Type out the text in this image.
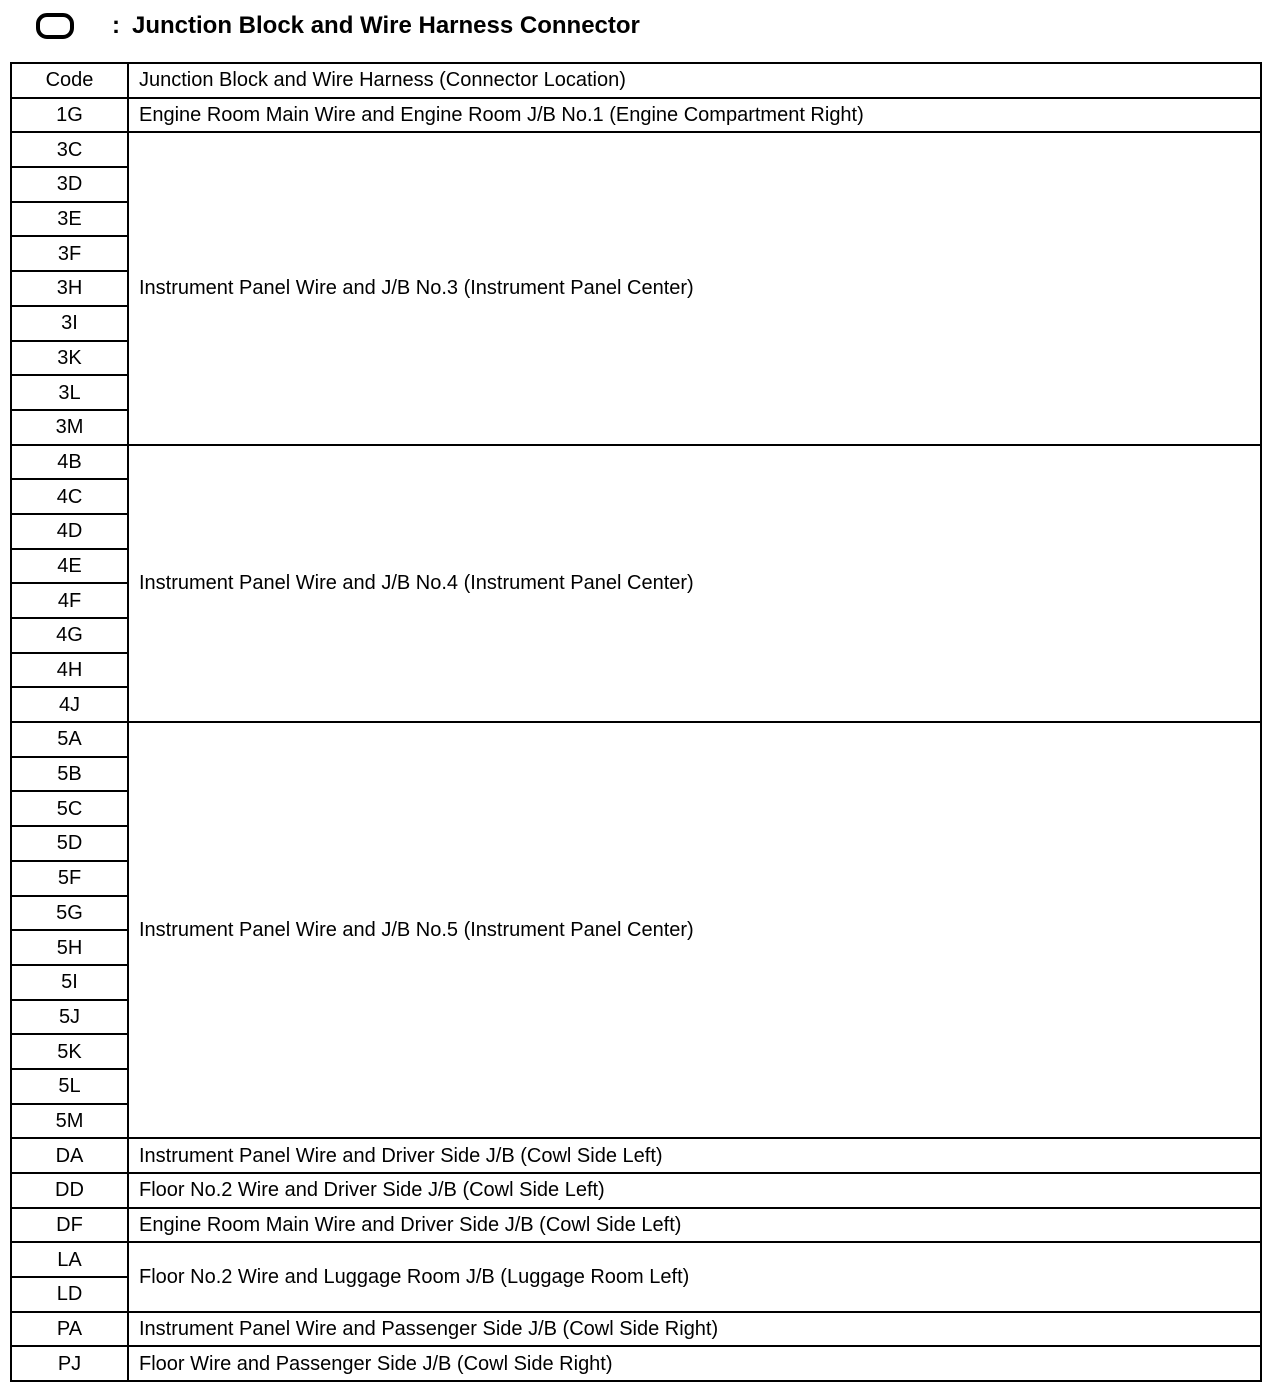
: Junction Block and Wire Harness Connector
Code	Junction Block and Wire Harness (Connector Location)
1G	Engine Room Main Wire and Engine Room J/B No.1 (Engine Compartment Right)
3C	Instrument Panel Wire and J/B No.3 (Instrument Panel Center)
3D	
3E	
3F	
3H	
3I	
3K	
3L	
3M	
4B	Instrument Panel Wire and J/B No.4 (Instrument Panel Center)
4C	
4D	
4E	
4F	
4G	
4H	
4J	
5A	Instrument Panel Wire and J/B No.5 (Instrument Panel Center)
5B	
5C	
5D	
5F	
5G	
5H	
5I	
5J	
5K	
5L	
5M	
DA	Instrument Panel Wire and Driver Side J/B (Cowl Side Left)
DD	Floor No.2 Wire and Driver Side J/B (Cowl Side Left)
DF	Engine Room Main Wire and Driver Side J/B (Cowl Side Left)
LA	Floor No.2 Wire and Luggage Room J/B (Luggage Room Left)
LD	
PA	Instrument Panel Wire and Passenger Side J/B (Cowl Side Right)
PJ	Floor Wire and Passenger Side J/B (Cowl Side Right)
